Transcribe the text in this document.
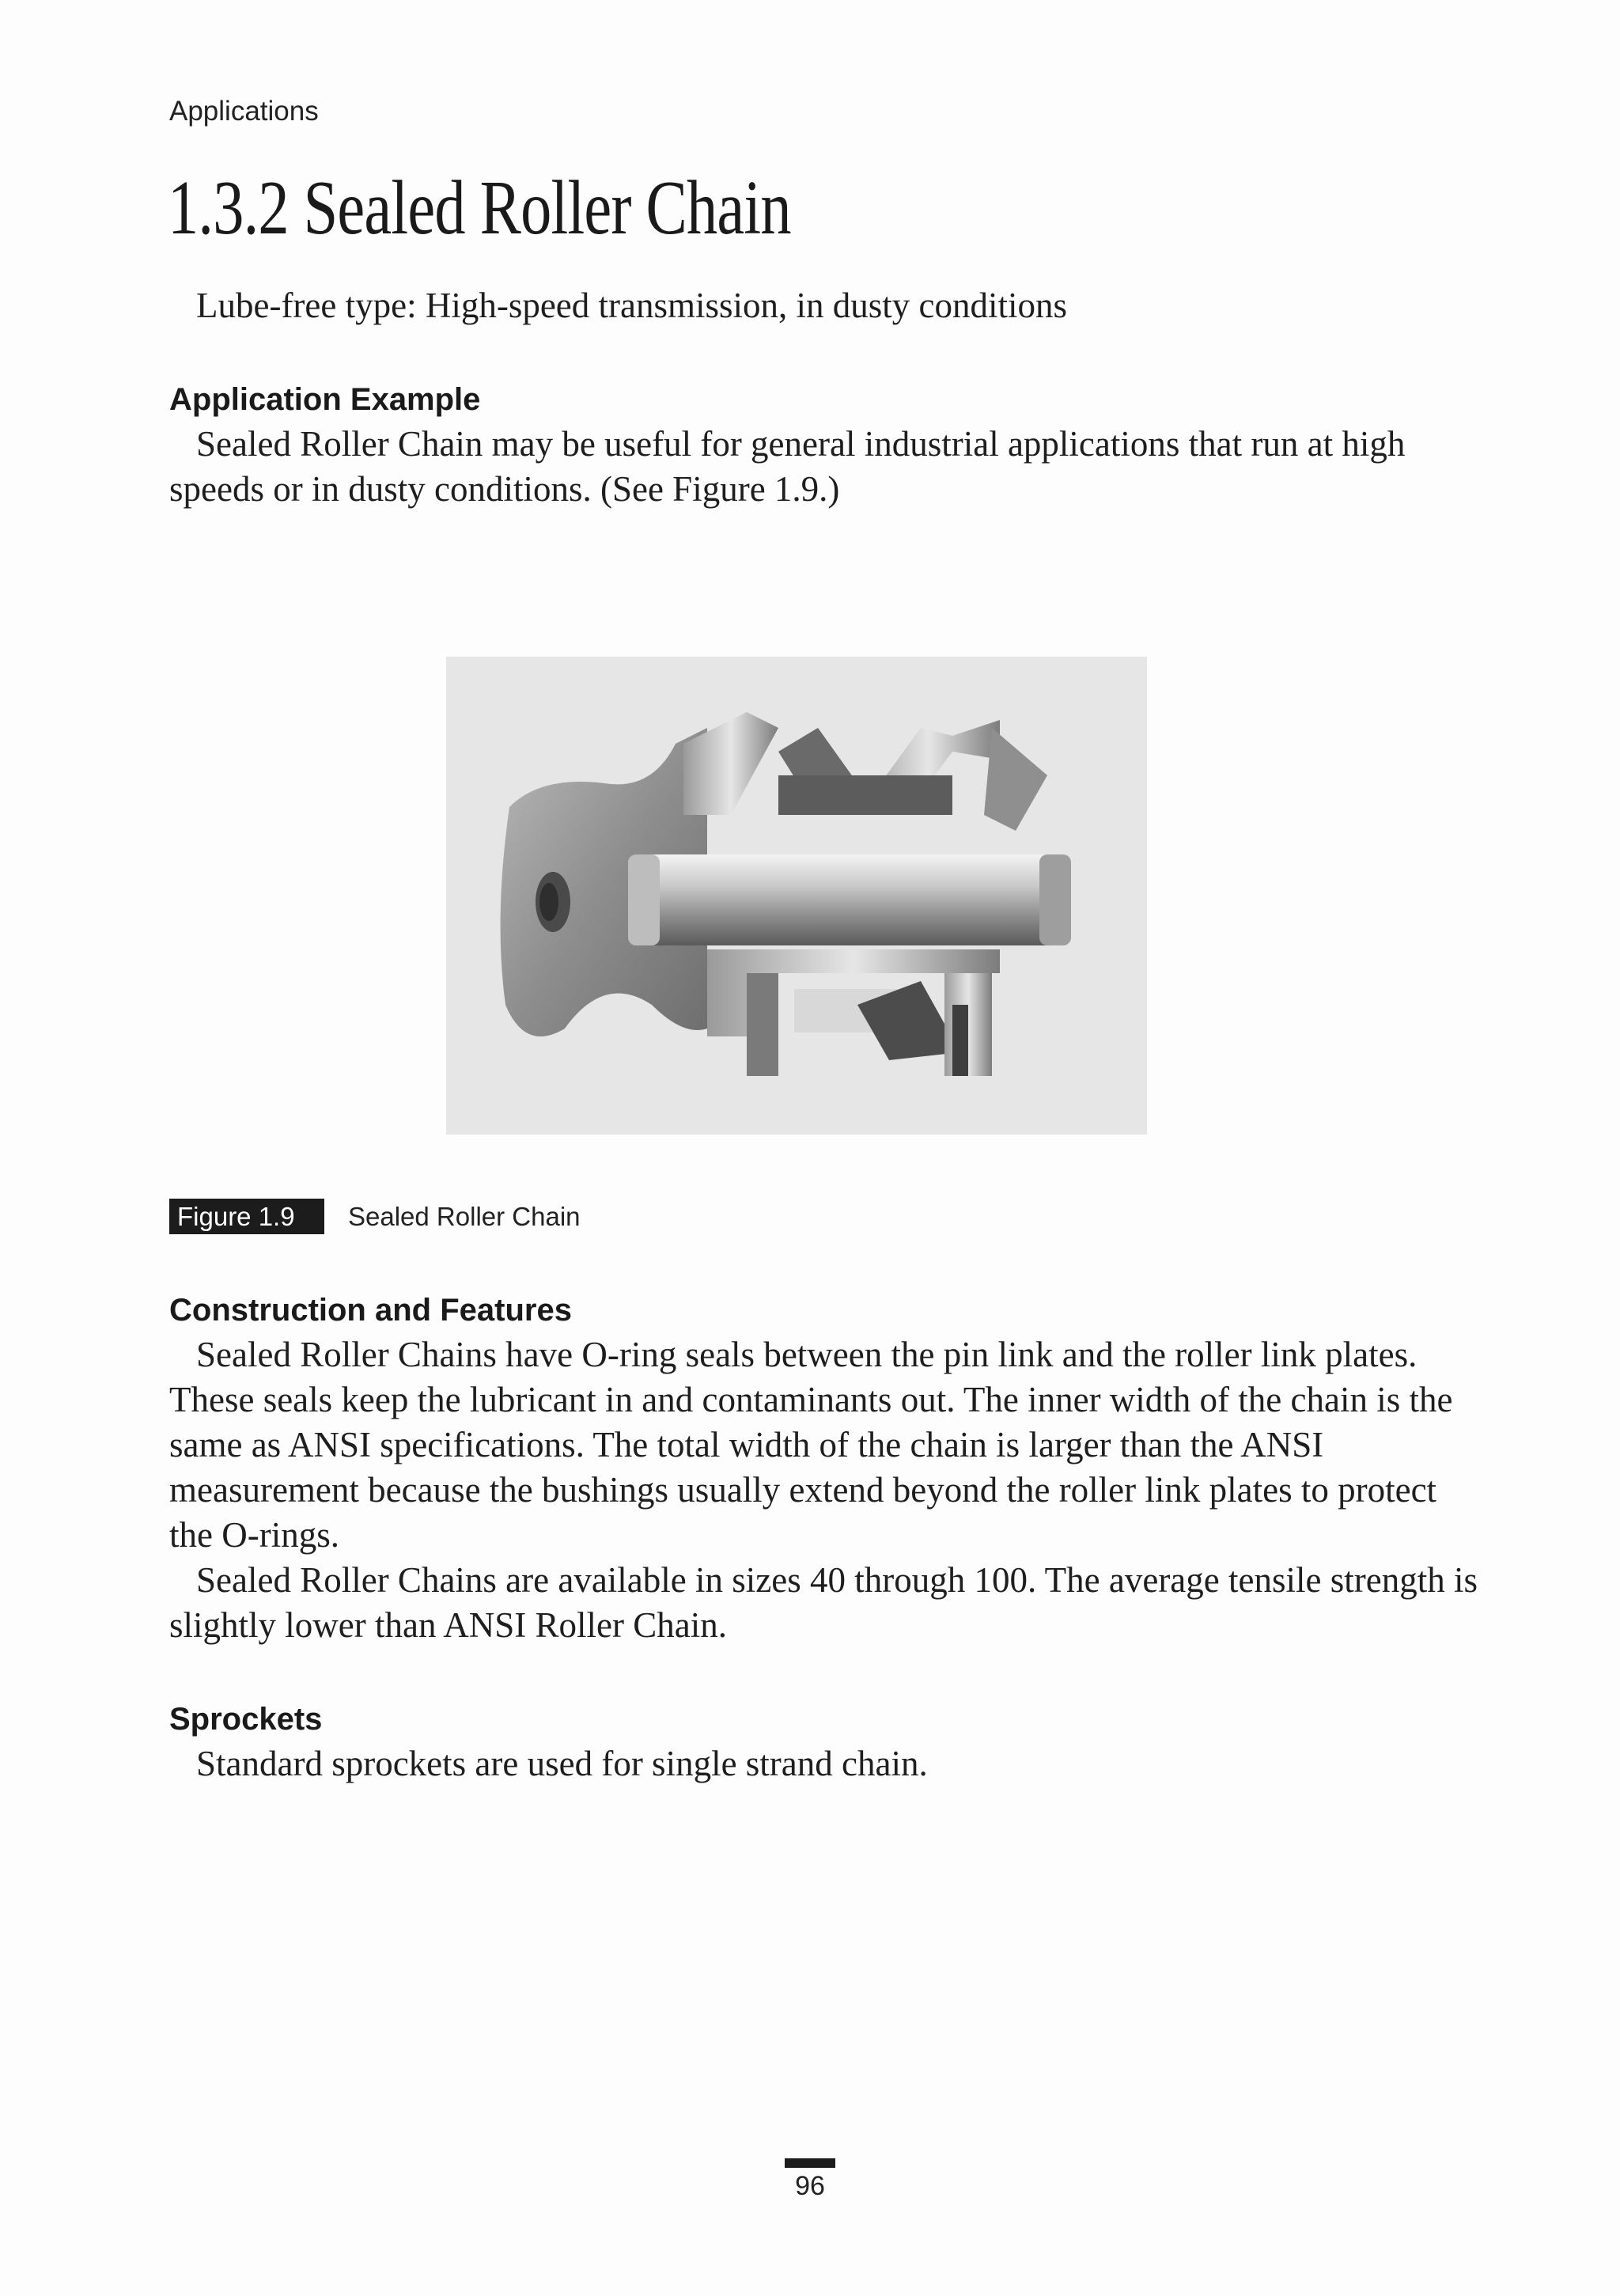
Applications
1.3.2 Sealed Roller Chain
Lube-free type: High-speed transmission, in dusty conditions
Application Example

Sealed Roller Chain may be useful for general industrial applications that run at high speeds or in dusty conditions. (See Figure 1.9.)

Figure 1.9	Sealed Roller Chain
Construction and Features

Sealed Roller Chains have O-ring seals between the pin link and the roller link plates. These seals keep the lubricant in and contaminants out. The inner width of the chain is the same as ANSI specifications. The total width of the chain is larger than the ANSI measurement because the bushings usually extend beyond the roller link plates to protect the O-rings.

Sealed Roller Chains are available in sizes 40 through 100. The average tensile strength is slightly lower than ANSI Roller Chain.

Sprockets

Standard sprockets are used for single strand chain.

96
